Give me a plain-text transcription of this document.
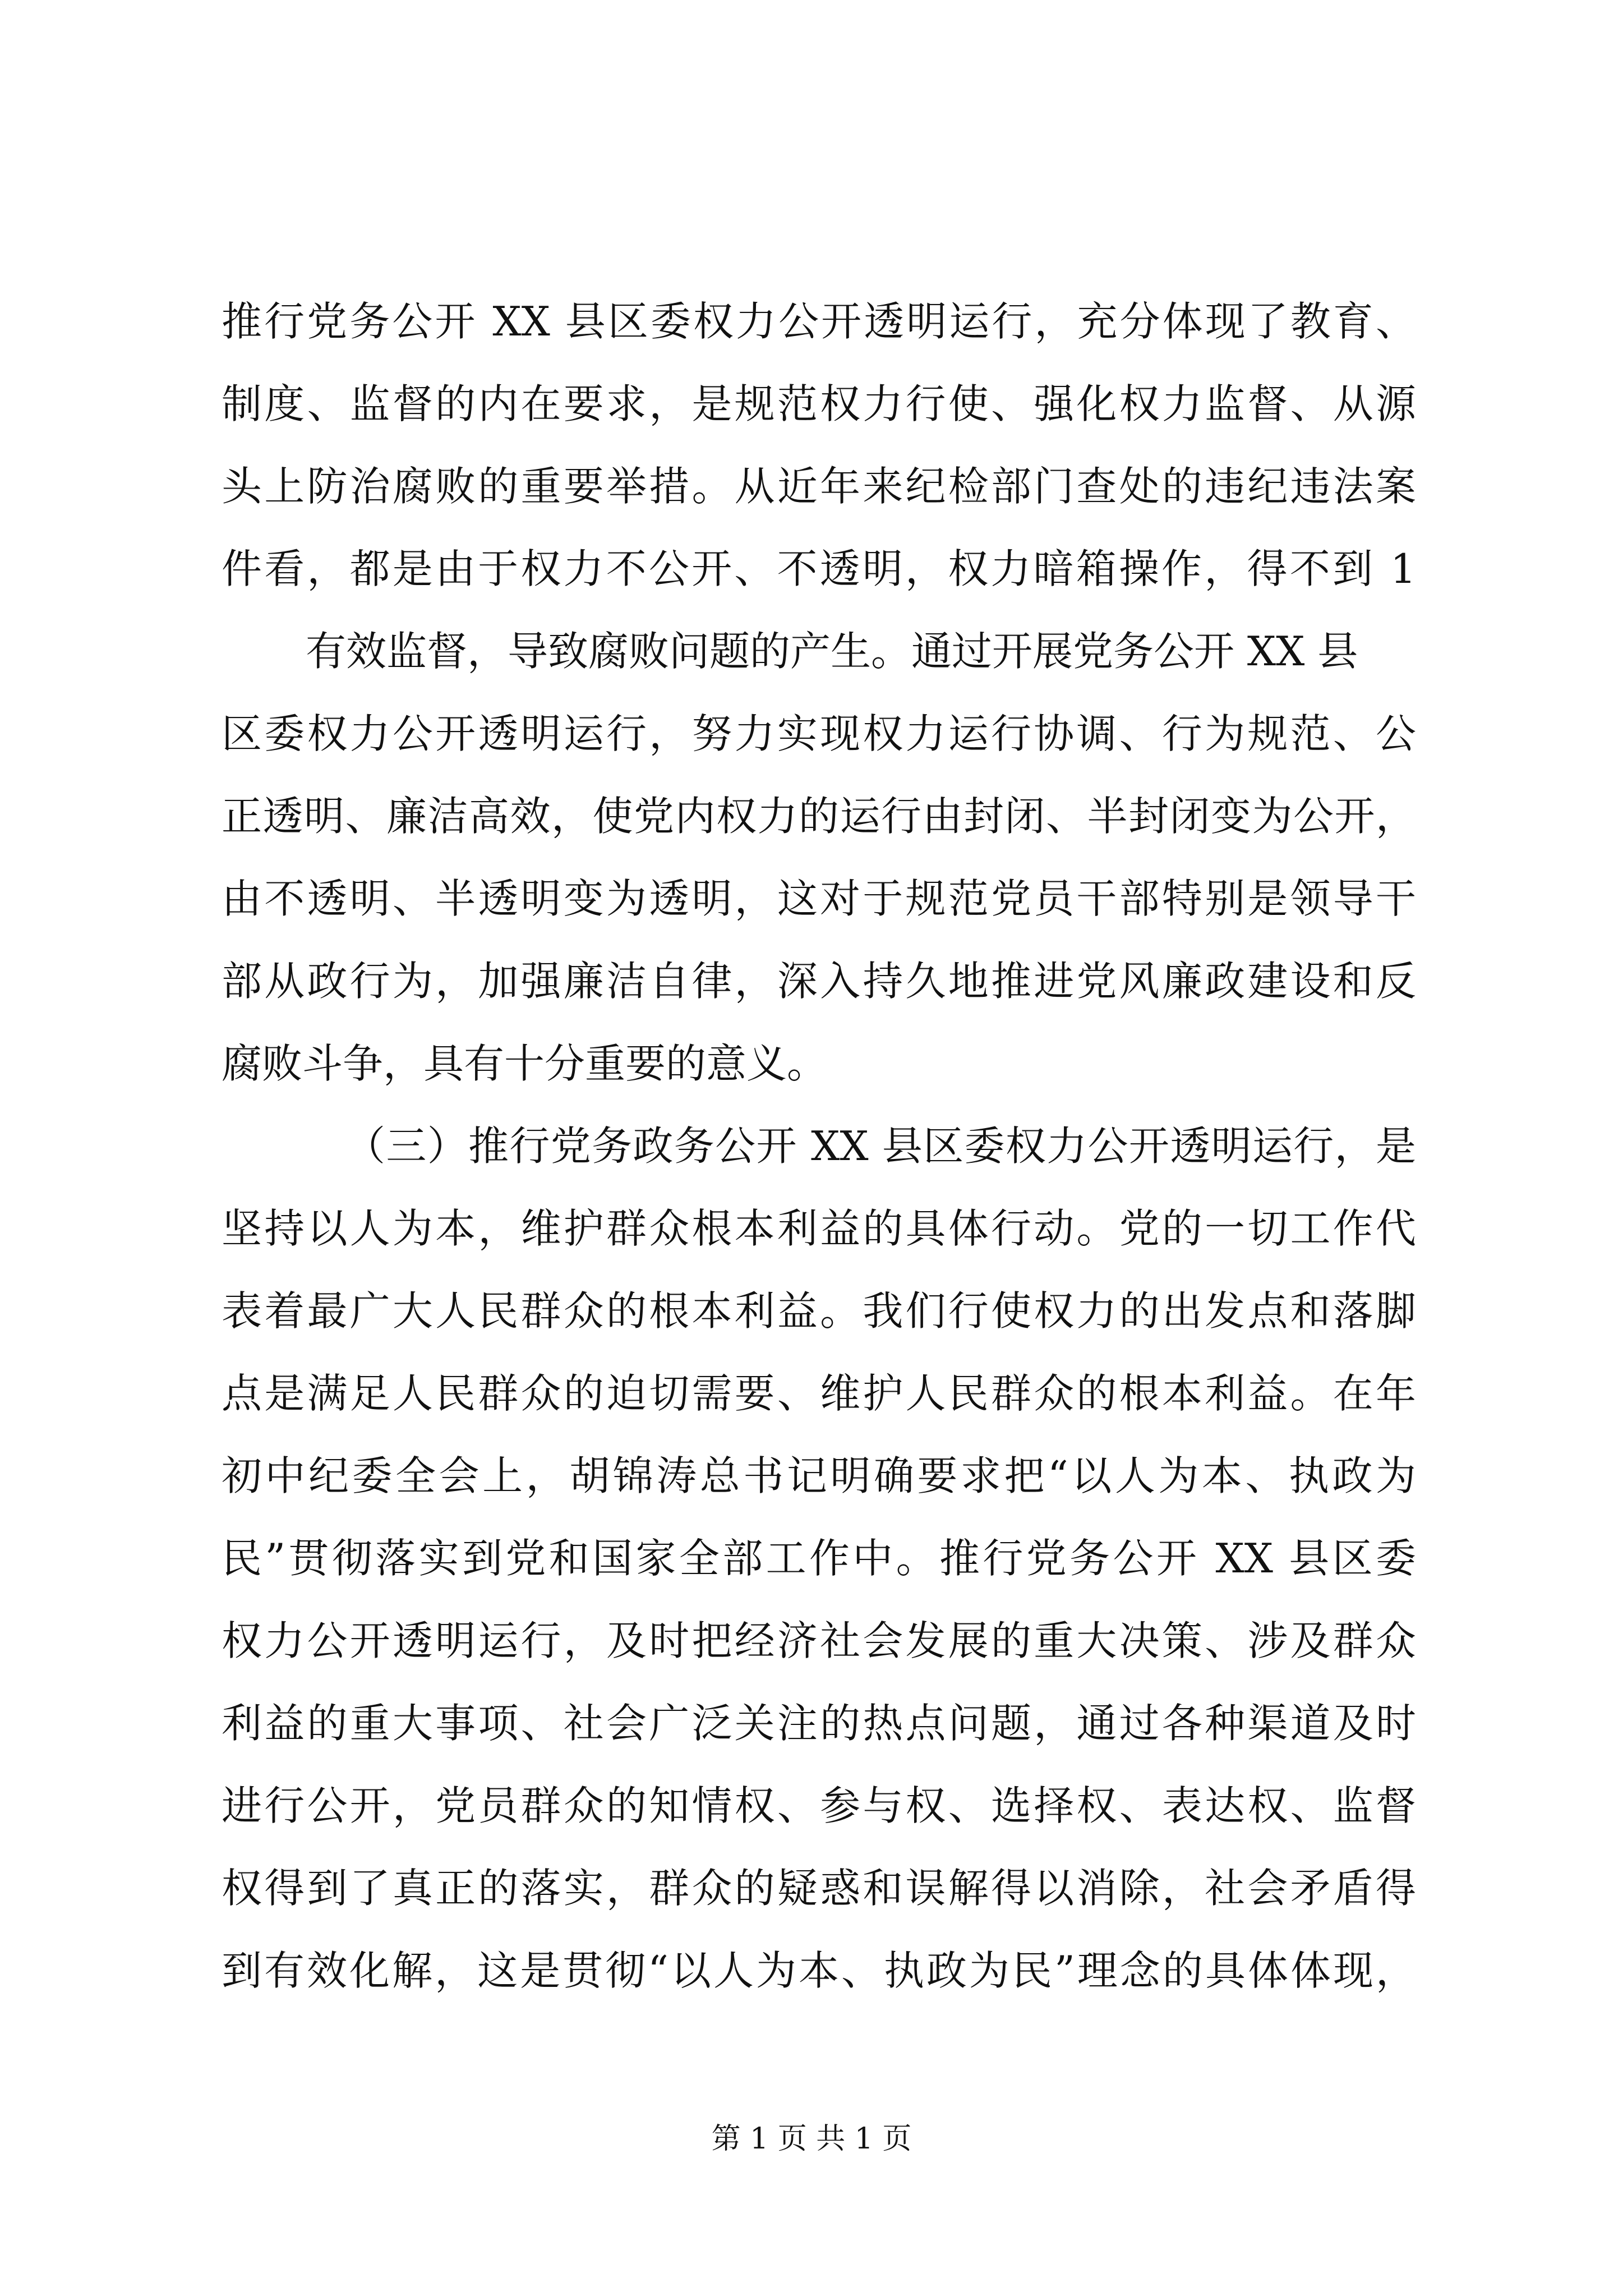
推行党务公开 XX 县区委权力公开透明运行，充分体现了教育、
制度、监督的内在要求，是规范权力行使、强化权力监督、从源
头上防治腐败的重要举措。从近年来纪检部门查处的违纪违法案
件看，都是由于权力不公开、不透明，权力暗箱操作，得不到 1
有效监督，导致腐败问题的产生。通过开展党务公开 XX 县
区委权力公开透明运行，努力实现权力运行协调、行为规范、公
正透明、廉洁高效，使党内权力的运行由封闭、半封闭变为公开，
由不透明、半透明变为透明，这对于规范党员干部特别是领导干
部从政行为，加强廉洁自律，深入持久地推进党风廉政建设和反
腐败斗争，具有十分重要的意义。
（三）推行党务政务公开 XX 县区委权力公开透明运行，是
坚持以人为本，维护群众根本利益的具体行动。党的一切工作代
表着最广大人民群众的根本利益。我们行使权力的出发点和落脚
点是满足人民群众的迫切需要、维护人民群众的根本利益。在年
初中纪委全会上，胡锦涛总书记明确要求把“以人为本、执政为
民”贯彻落实到党和国家全部工作中。推行党务公开 XX 县区委
权力公开透明运行，及时把经济社会发展的重大决策、涉及群众
利益的重大事项、社会广泛关注的热点问题，通过各种渠道及时
进行公开，党员群众的知情权、参与权、选择权、表达权、监督
权得到了真正的落实，群众的疑惑和误解得以消除，社会矛盾得
到有效化解，这是贯彻“以人为本、执政为民”理念的具体体现，
第 1 页 共 1 页
